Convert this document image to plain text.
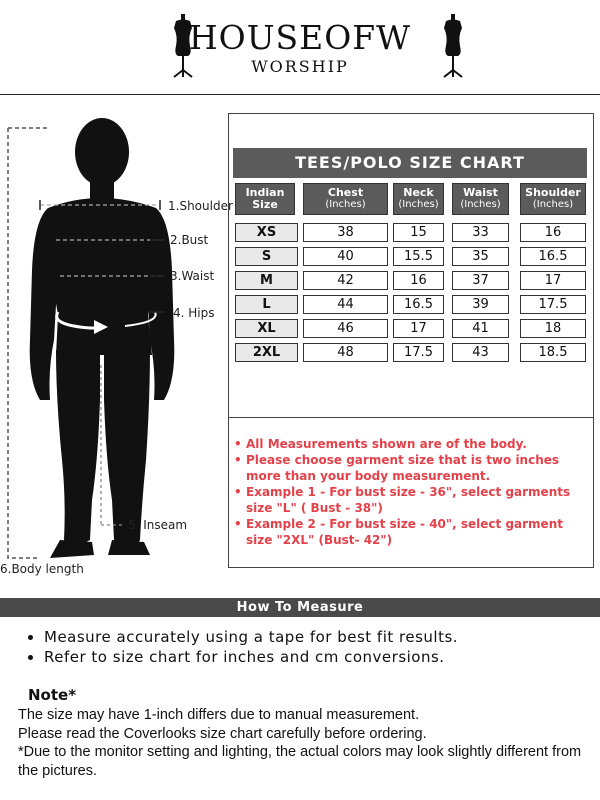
HOUSEOFW
WORSHIP
1.Shoulder
2.Bust
3.Waist
4. Hips
5. Inseam
6.Body length
TEES/POLO SIZE CHART
Indian
Size
Chest
(Inches)
Neck
(Inches)
Waist
(Inches)
Shoulder
(Inches)
XS	38	15	33	16
S	40	15.5	35	16.5
M	42	16	37	17
L	44	16.5	39	17.5
XL	46	17	41	18
2XL	48	17.5	43	18.5
• All Measurements shown are of the body.
• Please choose garment size that is two inches more than your body measurement.
• Example 1 - For bust size - 36", select garments size "L" ( Bust - 38")
• Example 2 - For bust size - 40", select garment size "2XL" (Bust- 42")
How To Measure
• Measure accurately using a tape for best fit results.
• Refer to size chart for inches and cm conversions.
Note*
The size may have 1-inch differs due to manual measurement.
Please read the Coverlooks size chart carefully before ordering.
*Due to the monitor setting and lighting, the actual colors may look slightly different from the pictures.
